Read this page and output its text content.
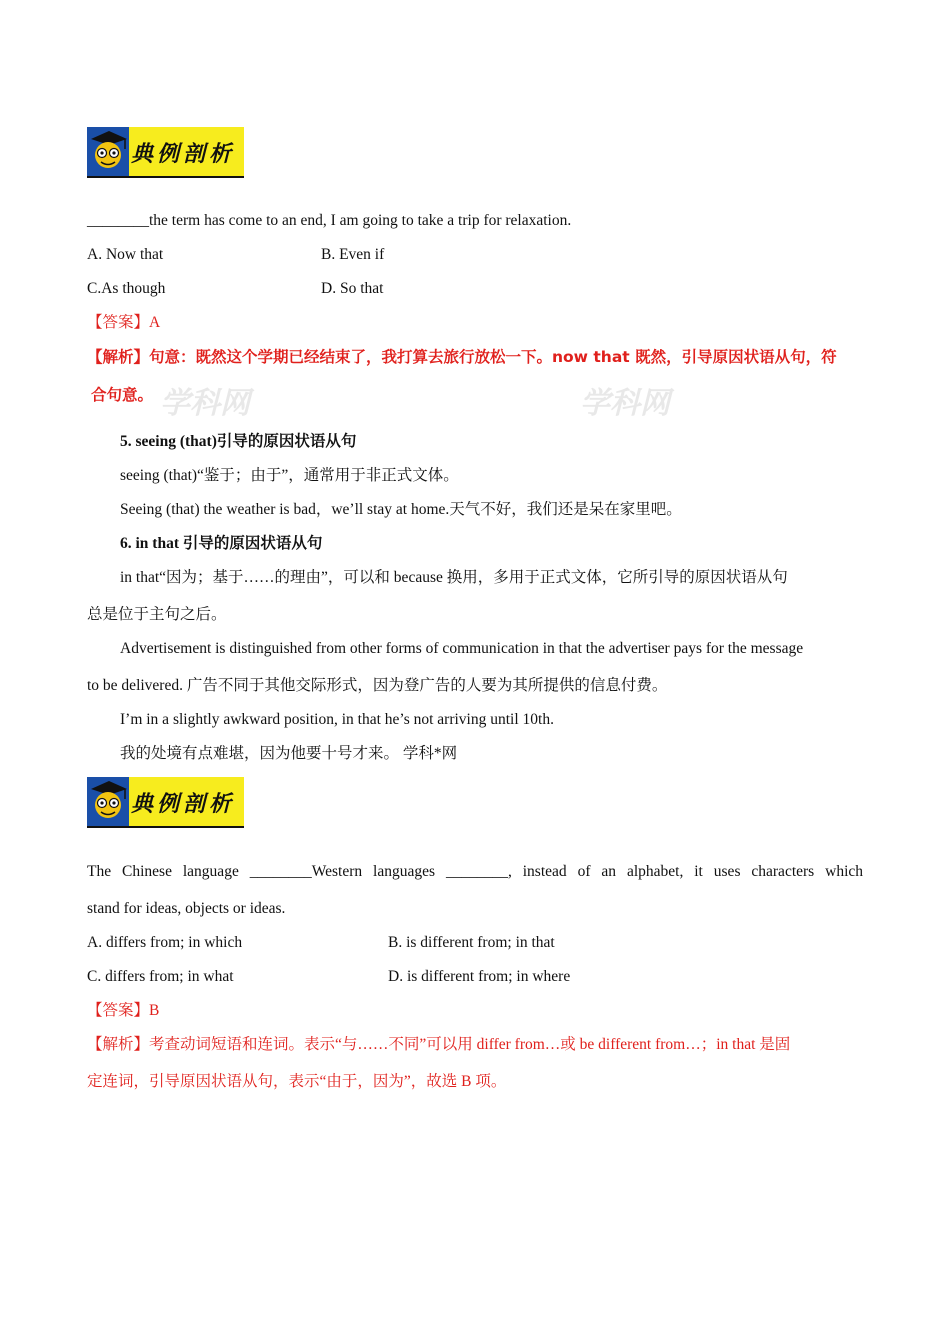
典例剖析
________the term has come to an end, I am going to take a trip for relaxation.
A. Now that	B. Even if
C.As though	D. So that
【答案】A
学科网	学科网
【解析】句意：既然这个学期已经结束了，我打算去旅行放松一下。now that 既然，引导原因状语从句，符
合句意。
5. seeing (that)引导的原因状语从句
seeing (that)“鉴于；由于”，通常用于非正式文体。
Seeing (that) the weather is bad，we’ll stay at home.天气不好，我们还是呆在家里吧。
6. in that 引导的原因状语从句
in that“因为；基于……的理由”，可以和 because 换用，多用于正式文体，它所引导的原因状语从句
总是位于主句之后。
Advertisement is distinguished from other forms of communication in that the advertiser pays for the message
to be delivered. 广告不同于其他交际形式，因为登广告的人要为其所提供的信息付费。
I’m in a slightly awkward position, in that he’s not arriving until 10th.
我的处境有点难堪，因为他要十号才来。 学科*网
典例剖析
The Chinese language ________Western languages ________, instead of an alphabet, it uses characters which
stand for ideas, objects or ideas.
A. differs from; in which	B. is different from; in that
C. differs from; in what	D. is different from; in where
【答案】B
【解析】考查动词短语和连词。表示“与……不同”可以用 differ from…或 be different from…；in that 是固
定连词，引导原因状语从句，表示“由于，因为”，故选 B 项。
